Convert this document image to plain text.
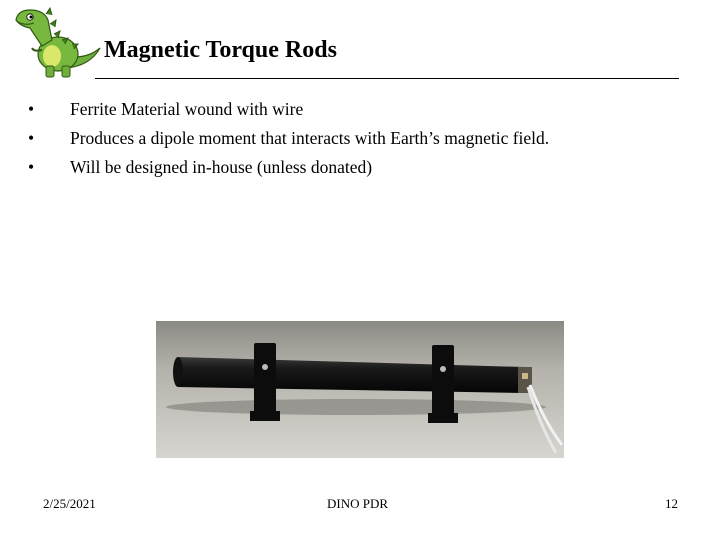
Magnetic Torque Rods
•	Ferrite Material wound with wire
•	Produces a dipole moment that interacts with Earth’s magnetic field.
•	Will be designed in-house (unless donated)
2/25/2021	DINO PDR	12
